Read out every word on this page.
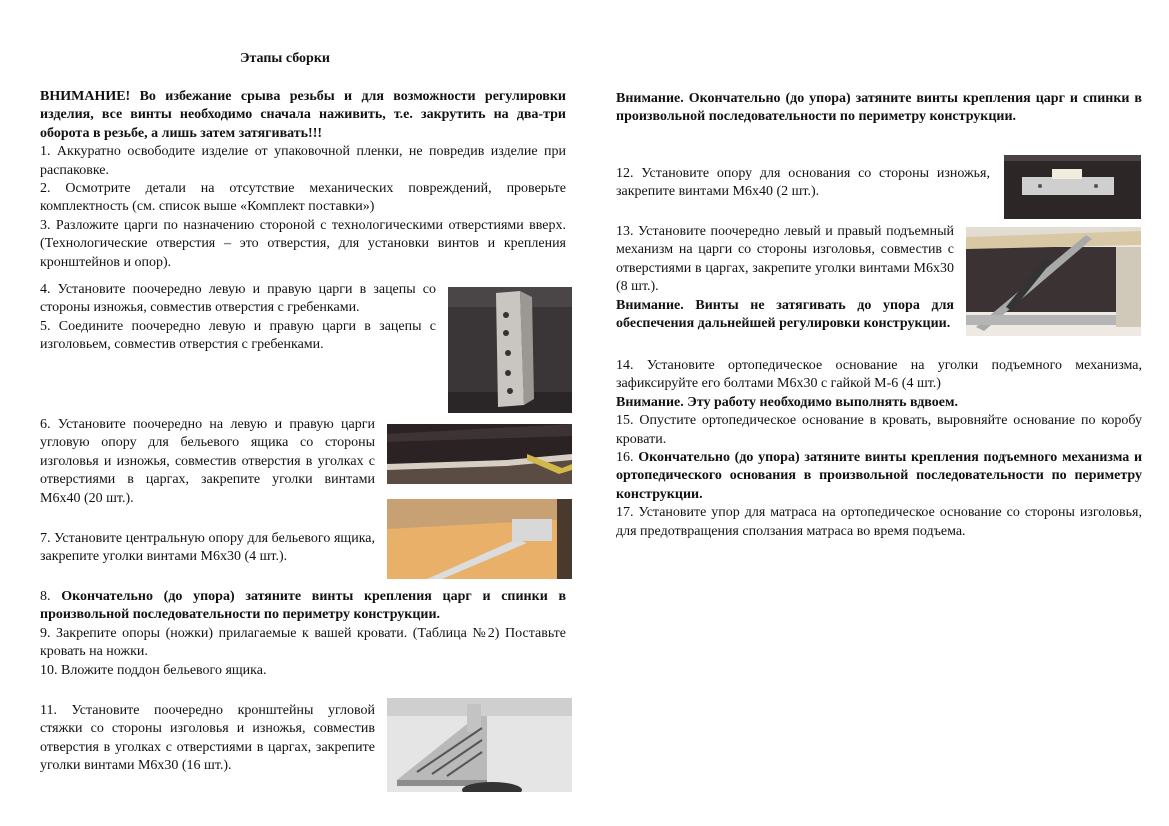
Этапы сборки

ВНИМАНИЕ! Во избежание срыва резьбы и для возможности регулировки изделия, все винты необходимо сначала наживить, т.е. закрутить на два-три оборота в резьбе, а лишь затем затягивать!!!

1. Аккуратно освободите изделие от упаковочной пленки, не повредив изделие при распаковке.

2. Осмотрите детали на отсутствие механических повреждений, проверьте комплектность (см. список выше «Комплект поставки»)

3. Разложите царги по назначению стороной с технологическими отверстиями вверх. (Технологические отверстия – это отверстия, для установки винтов и крепления кронштейнов и опор).

4. Установите поочередно левую и правую царги в зацепы со стороны изножья, совместив отверстия с гребенками.

5. Соедините поочередно левую и правую царги в зацепы с изголовьем, совместив отверстия с гребенками.

6. Установите поочередно на левую и правую царги угловую опору для бельевого ящика со стороны изголовья и изножья, совместив отверстия в уголках с отверстиями в царгах, закрепите уголки винтами М6х40 (20 шт.).

7. Установите центральную опору для бельевого ящика, закрепите уголки винтами М6х30 (4 шт.).

8. Окончательно (до упора) затяните винты крепления царг и спинки в произвольной последовательности по периметру конструкции.

9. Закрепите опоры (ножки) прилагаемые к вашей кровати. (Таблица №2) Поставьте кровать на ножки.

10. Вложите поддон бельевого ящика.

11. Установите поочередно кронштейны угловой стяжки со стороны изголовья и изножья, совместив отверстия в уголках с отверстиями в царгах, закрепите уголки винтами М6х30 (16 шт.).

Внимание. Окончательно (до упора) затяните винты крепления царг и спинки в произвольной последовательности по периметру конструкции.

12. Установите опору для основания со стороны изножья, закрепите винтами М6х40 (2 шт.).

13. Установите поочередно левый и правый подъемный механизм на царги со стороны изголовья, совместив с отверстиями в царгах, закрепите уголки винтами М6х30 (8 шт.).

Внимание. Винты не затягивать до упора для обеспечения дальнейшей регулировки конструкции.

14. Установите ортопедическое основание на уголки подъемного механизма, зафиксируйте его болтами М6х30 с гайкой М-6 (4 шт.)

Внимание. Эту работу необходимо выполнять вдвоем.

15. Опустите ортопедическое основание в кровать, выровняйте основание по коробу кровати.

16. Окончательно (до упора) затяните винты крепления подъемного механизма и ортопедического основания в произвольной последовательности по периметру конструкции.

17. Установите упор для матраса на ортопедическое основание со стороны изголовья, для предотвращения сползания матраса во время подъема.
